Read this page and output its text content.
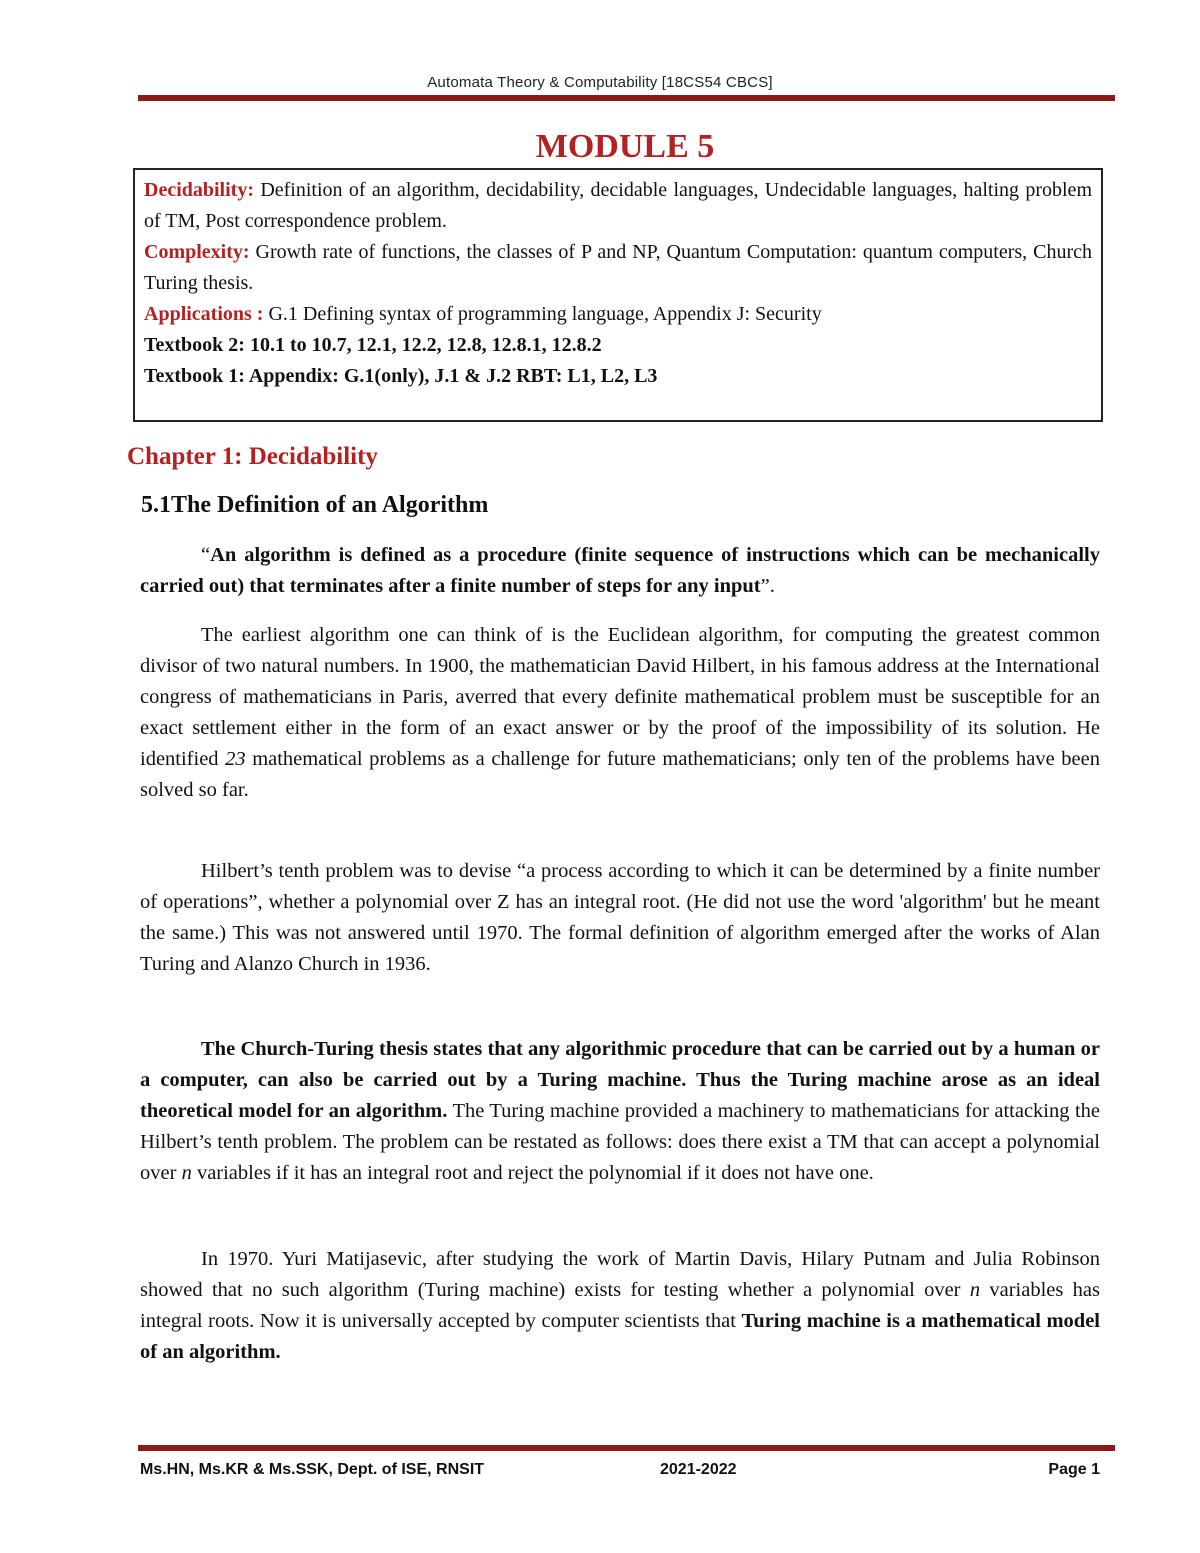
Automata Theory & Computability [18CS54 CBCS]
MODULE 5

Decidability: Definition of an algorithm, decidability, decidable languages, Undecidable languages, halting problem of TM, Post correspondence problem.

Complexity: Growth rate of functions, the classes of P and NP, Quantum Computation: quantum computers, Church Turing thesis.

Applications : G.1 Defining syntax of programming language, Appendix J: Security

Textbook 2: 10.1 to 10.7, 12.1, 12.2, 12.8, 12.8.1, 12.8.2

Textbook 1: Appendix: G.1(only), J.1 & J.2 RBT: L1, L2, L3

Chapter 1: Decidability
5.1The Definition of an Algorithm

“An algorithm is defined as a procedure (finite sequence of instructions which can be mechanically carried out) that terminates after a finite number of steps for any input”.

The earliest algorithm one can think of is the Euclidean algorithm, for computing the greatest common divisor of two natural numbers. In 1900, the mathematician David Hilbert, in his famous address at the International congress of mathematicians in Paris, averred that every definite mathematical problem must be susceptible for an exact settlement either in the form of an exact answer or by the proof of the impossibility of its solution. He identified 23 mathematical problems as a challenge for future mathematicians; only ten of the problems have been solved so far.

Hilbert’s tenth problem was to devise “a process according to which it can be determined by a finite number of operations”, whether a polynomial over Z has an integral root. (He did not use the word 'algorithm' but he meant the same.) This was not answered until 1970. The formal definition of algorithm emerged after the works of Alan Turing and Alanzo Church in 1936.

The Church-Turing thesis states that any algorithmic procedure that can be carried out by a human or a computer, can also be carried out by a Turing machine. Thus the Turing machine arose as an ideal theoretical model for an algorithm. The Turing machine provided a machinery to mathematicians for attacking the Hilbert’s tenth problem. The problem can be restated as follows: does there exist a TM that can accept a polynomial over n variables if it has an integral root and reject the polynomial if it does not have one.

In 1970. Yuri Matijasevic, after studying the work of Martin Davis, Hilary Putnam and Julia Robinson showed that no such algorithm (Turing machine) exists for testing whether a polynomial over n variables has integral roots. Now it is universally accepted by computer scientists that Turing machine is a mathematical model of an algorithm.

Ms.HN, Ms.KR & Ms.SSK, Dept. of ISE, RNSIT	2021-2022	Page 1
